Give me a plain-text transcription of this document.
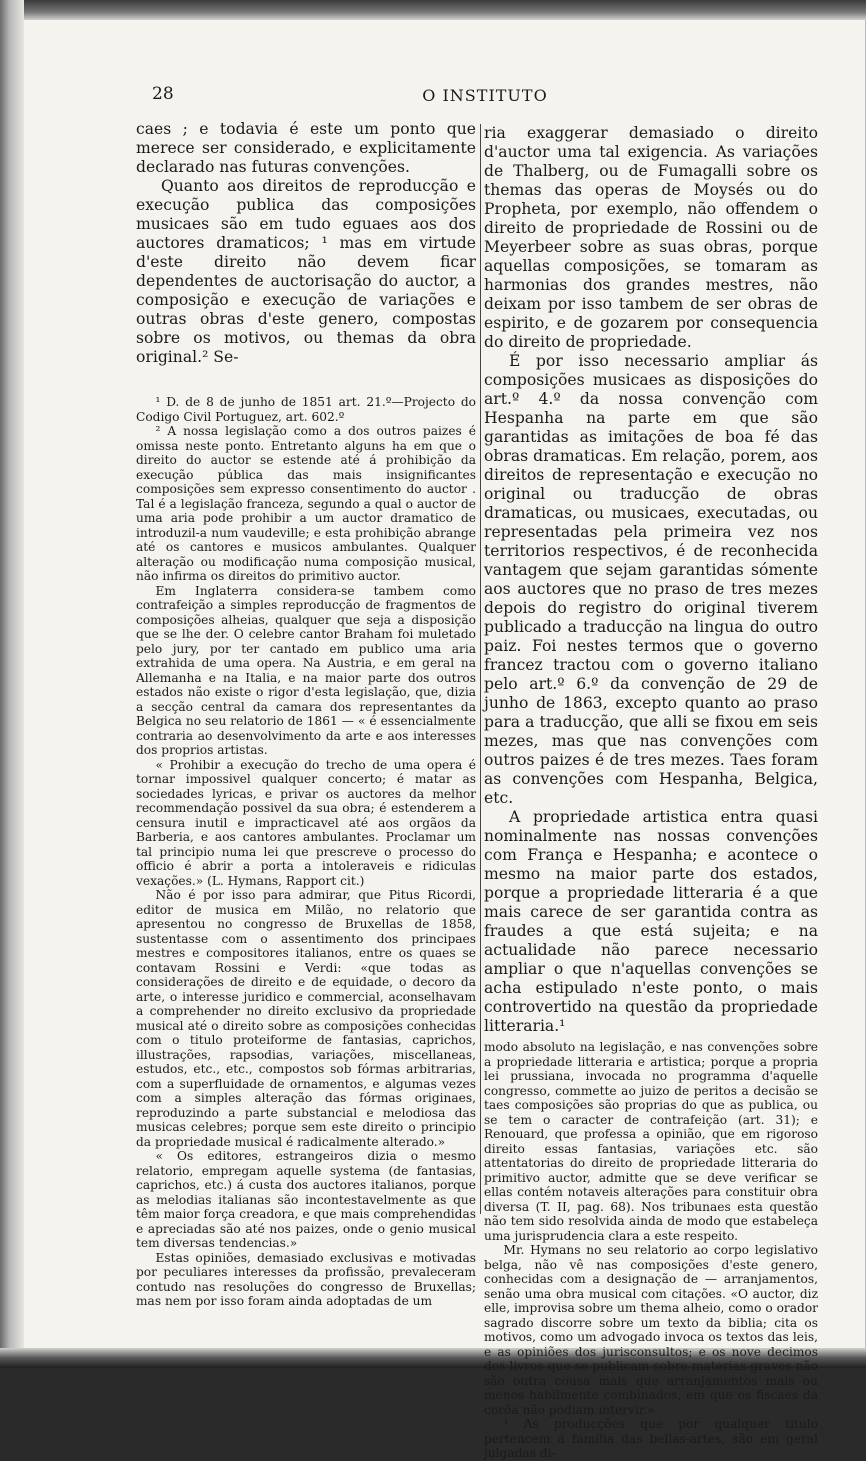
28	O INSTITUTO

caes ; e todavia é este um ponto que merece ser considerado, e explicitamente declarado nas futuras convenções.

Quanto aos direitos de reproducção e execução publica das composições musicaes são em tudo eguaes aos dos auctores dramaticos; ¹ mas em virtude d'este direito não devem ficar dependentes de auctorisação do auctor, a composição e execução de variações e outras obras d'este genero, compostas sobre os motivos, ou themas da obra original.² Se-

¹ D. de 8 de junho de 1851 art. 21.º—Projecto do Codigo Civil Portuguez, art. 602.º

² A nossa legislação como a dos outros paizes é omissa neste ponto. Entretanto alguns ha em que o direito do auctor se estende até á prohibição da execução pública das mais insignificantes composições sem expresso consentimento do auctor . Tal é a legislação franceza, segundo a qual o auctor de uma aria pode prohibir a um auctor dramatico de introduzil-a num vaudeville; e esta prohibição abrange até os cantores e musicos ambulantes. Qualquer alteração ou modificação numa composição musical, não infirma os direitos do primitivo auctor.

Em Inglaterra considera-se tambem como contrafeição a simples reproducção de fragmentos de composições alheias, qualquer que seja a disposição que se lhe der. O celebre cantor Braham foi muletado pelo jury, por ter cantado em publico uma aria extrahida de uma opera. Na Austria, e em geral na Allemanha e na Italia, e na maior parte dos outros estados não existe o rigor d'esta legislação, que, dizia a secção central da camara dos representantes da Belgica no seu relatorio de 1861 — « é essencialmente contraria ao desenvolvimento da arte e aos interesses dos proprios artistas.

« Prohibir a execução do trecho de uma opera é tornar impossivel qualquer concerto; é matar as sociedades lyricas, e privar os auctores da melhor recommendação possivel da sua obra; é estenderem a censura inutil e impracticavel até aos orgãos da Barberia, e aos cantores ambulantes. Proclamar um tal principio numa lei que prescreve o processo do officio é abrir a porta a intoleraveis e ridiculas vexações.» (L. Hymans, Rapport cit.)

Não é por isso para admirar, que Pitus Ricordi, editor de musica em Milão, no relatorio que apresentou no congresso de Bruxellas de 1858, sustentasse com o assentimento dos principaes mestres e compositores italianos, entre os quaes se contavam Rossini e Verdi: «que todas as considerações de direito e de equidade, o decoro da arte, o interesse juridico e commercial, aconselhavam a comprehender no direito exclusivo da propriedade musical até o direito sobre as composições conhecidas com o titulo proteiforme de fantasias, caprichos, illustrações, rapsodias, variações, miscellaneas, estudos, etc., etc., compostos sob fórmas arbitrarias, com a superfluidade de ornamentos, e algumas vezes com a simples alteração das fórmas originaes, reproduzindo a parte substancial e melodiosa das musicas celebres; porque sem este direito o principio da propriedade musical é radicalmente alterado.»

« Os editores, estrangeiros dizia o mesmo relatorio, empregam aquelle systema (de fantasias, caprichos, etc.) á custa dos auctores italianos, porque as melodias italianas são incontestavelmente as que têm maior força creadora, e que mais comprehendidas e apreciadas são até nos paizes, onde o genio musical tem diversas tendencias.»

Estas opiniões, demasiado exclusivas e motivadas por peculiares interesses da profissão, prevaleceram contudo nas resoluções do congresso de Bruxellas; mas nem por isso foram ainda adoptadas de um

ria exaggerar demasiado o direito d'auctor uma tal exigencia. As variações de Thalberg, ou de Fumagalli sobre os themas das operas de Moysés ou do Propheta, por exemplo, não offendem o direito de propriedade de Rossini ou de Meyerbeer sobre as suas obras, porque aquellas composições, se tomaram as harmonias dos grandes mestres, não deixam por isso tambem de ser obras de espirito, e de gozarem por consequencia do direito de propriedade.

É por isso necessario ampliar ás composições musicaes as disposições do art.º 4.º da nossa convenção com Hespanha na parte em que são garantidas as imitações de boa fé das obras dramaticas. Em relação, porem, aos direitos de representação e execução no original ou traducção de obras dramaticas, ou musicaes, executadas, ou representadas pela primeira vez nos territorios respectivos, é de reconhecida vantagem que sejam garantidas sómente aos auctores que no praso de tres mezes depois do registro do original tiverem publicado a traducção na lingua do outro paiz. Foi nestes termos que o governo francez tractou com o governo italiano pelo art.º 6.º da convenção de 29 de junho de 1863, excepto quanto ao praso para a traducção, que alli se fixou em seis mezes, mas que nas convenções com outros paizes é de tres mezes. Taes foram as convenções com Hespanha, Belgica, etc.

A propriedade artistica entra quasi nominalmente nas nossas convenções com França e Hespanha; e acontece o mesmo na maior parte dos estados, porque a propriedade litteraria é a que mais carece de ser garantida contra as fraudes a que está sujeita; e na actualidade não parece necessario ampliar o que n'aquellas convenções se acha estipulado n'este ponto, o mais controvertido na questão da propriedade litteraria.¹

modo absoluto na legislação, e nas convenções sobre a propriedade litteraria e artistica; porque a propria lei prussiana, invocada no programma d'aquelle congresso, commette ao juizo de peritos a decisão se taes composições são proprias do que as publica, ou se tem o caracter de contrafeição (art. 31); e Renouard, que professa a opinião, que em rigoroso direito essas fantasias, variações etc. são attentatorias do direito de propriedade litteraria do primitivo auctor, admitte que se deve verificar se ellas contém notaveis alterações para constituir obra diversa (T. II, pag. 68). Nos tribunaes esta questão não tem sido resolvida ainda de modo que estabeleça uma jurisprudencia clara a este respeito.

Mr. Hymans no seu relatorio ao corpo legislativo belga, não vê nas composições d'este genero, conhecidas com a designação de — arranjamentos, senão uma obra musical com citações. «O auctor, diz elle, improvisa sobre um thema alheio, como o orador sagrado discorre sobre um texto da biblia; cita os motivos, como um advogado invoca os textos das leis, e as opiniões dos jurisconsultos; e os nove decimos dos livros que se publicam sobre materias graves não são outra cousa mais que arranjamentos mais ou menos habilmente combinados, em que os fiscaes da corôa não podiam intervir.»

¹ As producções que por qualquer titulo pertencem á familia das bellas-artes, são em geral julgadas di-
